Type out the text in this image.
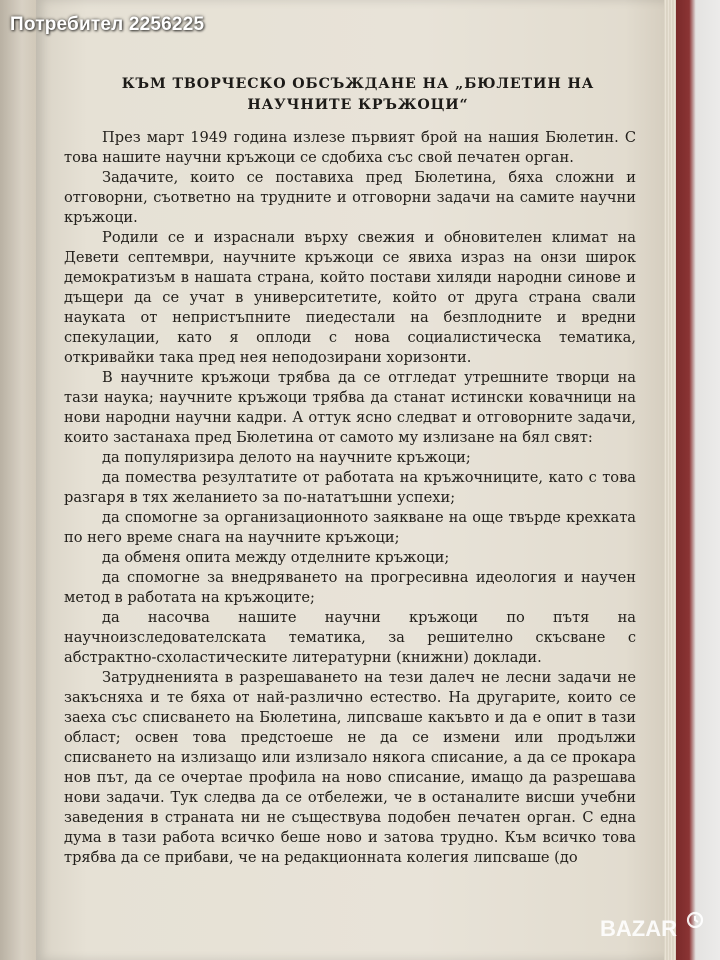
КЪМ ТВОРЧЕСКО ОБСЪЖДАНЕ НА „БЮЛЕТИН НА НАУЧНИТЕ КРЪЖОЦИ“

През март 1949 година излезе първият брой на нашия Бюлетин. С това нашите научни кръжоци се сдобиха със свой печатен орган.

Задачите, които се поставиха пред Бюлетина, бяха сложни и отговорни, съответно на трудните и отговорни задачи на самите научни кръжоци.

Родили се и израснали върху свежия и обновителен климат на Девети септември, научните кръжоци се явиха израз на онзи широк демократизъм в нашата страна, който постави хиляди народни синове и дъщери да се учат в университетите, който от друга страна свали науката от непристъпните пиедестали на безплодните и вредни спекулации, като я оплоди с нова социалистическа тематика, откривайки така пред нея неподозирани хоризонти.

В научните кръжоци трябва да се отгледат утрешните творци на тази наука; научните кръжоци трябва да станат истински ковачници на нови народни научни кадри. А оттук ясно следват и отговорните задачи, които застанаха пред Бюлетина от самото му излизане на бял свят:

да популяризира делото на научните кръжоци;

да помества резултатите от работата на кръжочниците, като с това разгаря в тях желанието за по-нататъшни успехи;

да спомогне за организационното заякване на още твърде крехката по него време снага на научните кръжоци;

да обменя опита между отделните кръжоци;

да спомогне за внедряването на прогресивна идеология и научен метод в работата на кръжоците;

да насочва нашите научни кръжоци по пътя на научноизследователската тематика, за решително скъсване с абстрактно-схоластическите литературни (книжни) доклади.

Затрудненията в разрешаването на тези далеч не лесни задачи не закъсняха и те бяха от най-различно естество. На другарите, които се заеха със списването на Бюлетина, липсваше какъвто и да е опит в тази област; освен това предстоеше не да се измени или продължи списването на излизащо или излизало някога списание, а да се прокара нов път, да се очертае профила на ново списание, имащо да разрешава нови задачи. Тук следва да се отбележи, че в останалите висши учебни заведения в страната ни не съществува подобен печатен орган. С една дума в тази работа всичко беше ново и затова трудно. Към всичко това трябва да се прибави, че на редакционната колегия липсваше (до

Потребител 2256225
BAZAR
